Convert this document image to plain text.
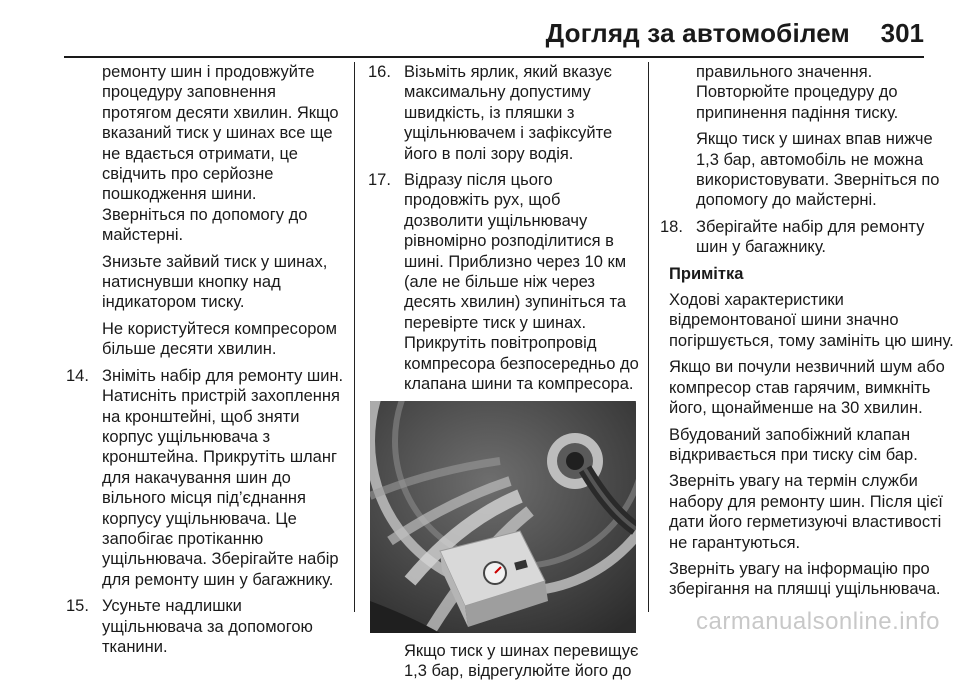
Догляд за автомобілем 301

ремонту шин і продовжуйте процедуру заповнення протягом десяти хвилин. Якщо вказаний тиск у шинах все ще не вдається отримати, це свідчить про серйозне пошкодження шини. Зверніться по допомогу до майстерні.

Знизьте зайвий тиск у шинах, натиснувши кнопку над індикатором тиску.

Не користуйтеся компресором більше десяти хвилин.

14. Зніміть набір для ремонту шин. Натисніть пристрій захоплення на кронштейні, щоб зняти корпус ущільнювача з кронштейна. Прикрутіть шланг для накачування шин до вільного місця під’єднання корпусу ущільнювача. Це запобігає протіканню ущільнювача. Зберігайте набір для ремонту шин у багажнику.
15. Усуньте надлишки ущільнювача за допомогою тканини.
16. Візьміть ярлик, який вказує максимальну допустиму швидкість, із пляшки з ущільнювачем і зафіксуйте його в полі зору водія.
17. Відразу після цього продовжіть рух, щоб дозволити ущільнювачу рівномірно розподілитися в шині. Приблизно через 10 км (але не більше ніж через десять хвилин) зупиніться та перевірте тиск у шинах. Прикрутіть повітропровід компресора безпосередньо до клапана шини та компресора.

Якщо тиск у шинах перевищує 1,3 бар, відрегулюйте його до

правильного значення. Повторюйте процедуру до припинення падіння тиску.

Якщо тиск у шинах впав нижче 1,3 бар, автомобіль не можна використовувати. Зверніться по допомогу до майстерні.

18. Зберігайте набір для ремонту шин у багажнику.

Примітка

Ходові характеристики відремонтованої шини значно погіршується, тому замініть цю шину.

Якщо ви почули незвичний шум або компресор став гарячим, вимкніть його, щонайменше на 30 хвилин.

Вбудований запобіжний клапан відкривається при тиску сім бар.

Зверніть увагу на термін служби набору для ремонту шин. Після цієї дати його герметизуючі властивості не гарантуються.

Зверніть увагу на інформацію про зберігання на пляшці ущільнювача.

carmanualsonline.info
